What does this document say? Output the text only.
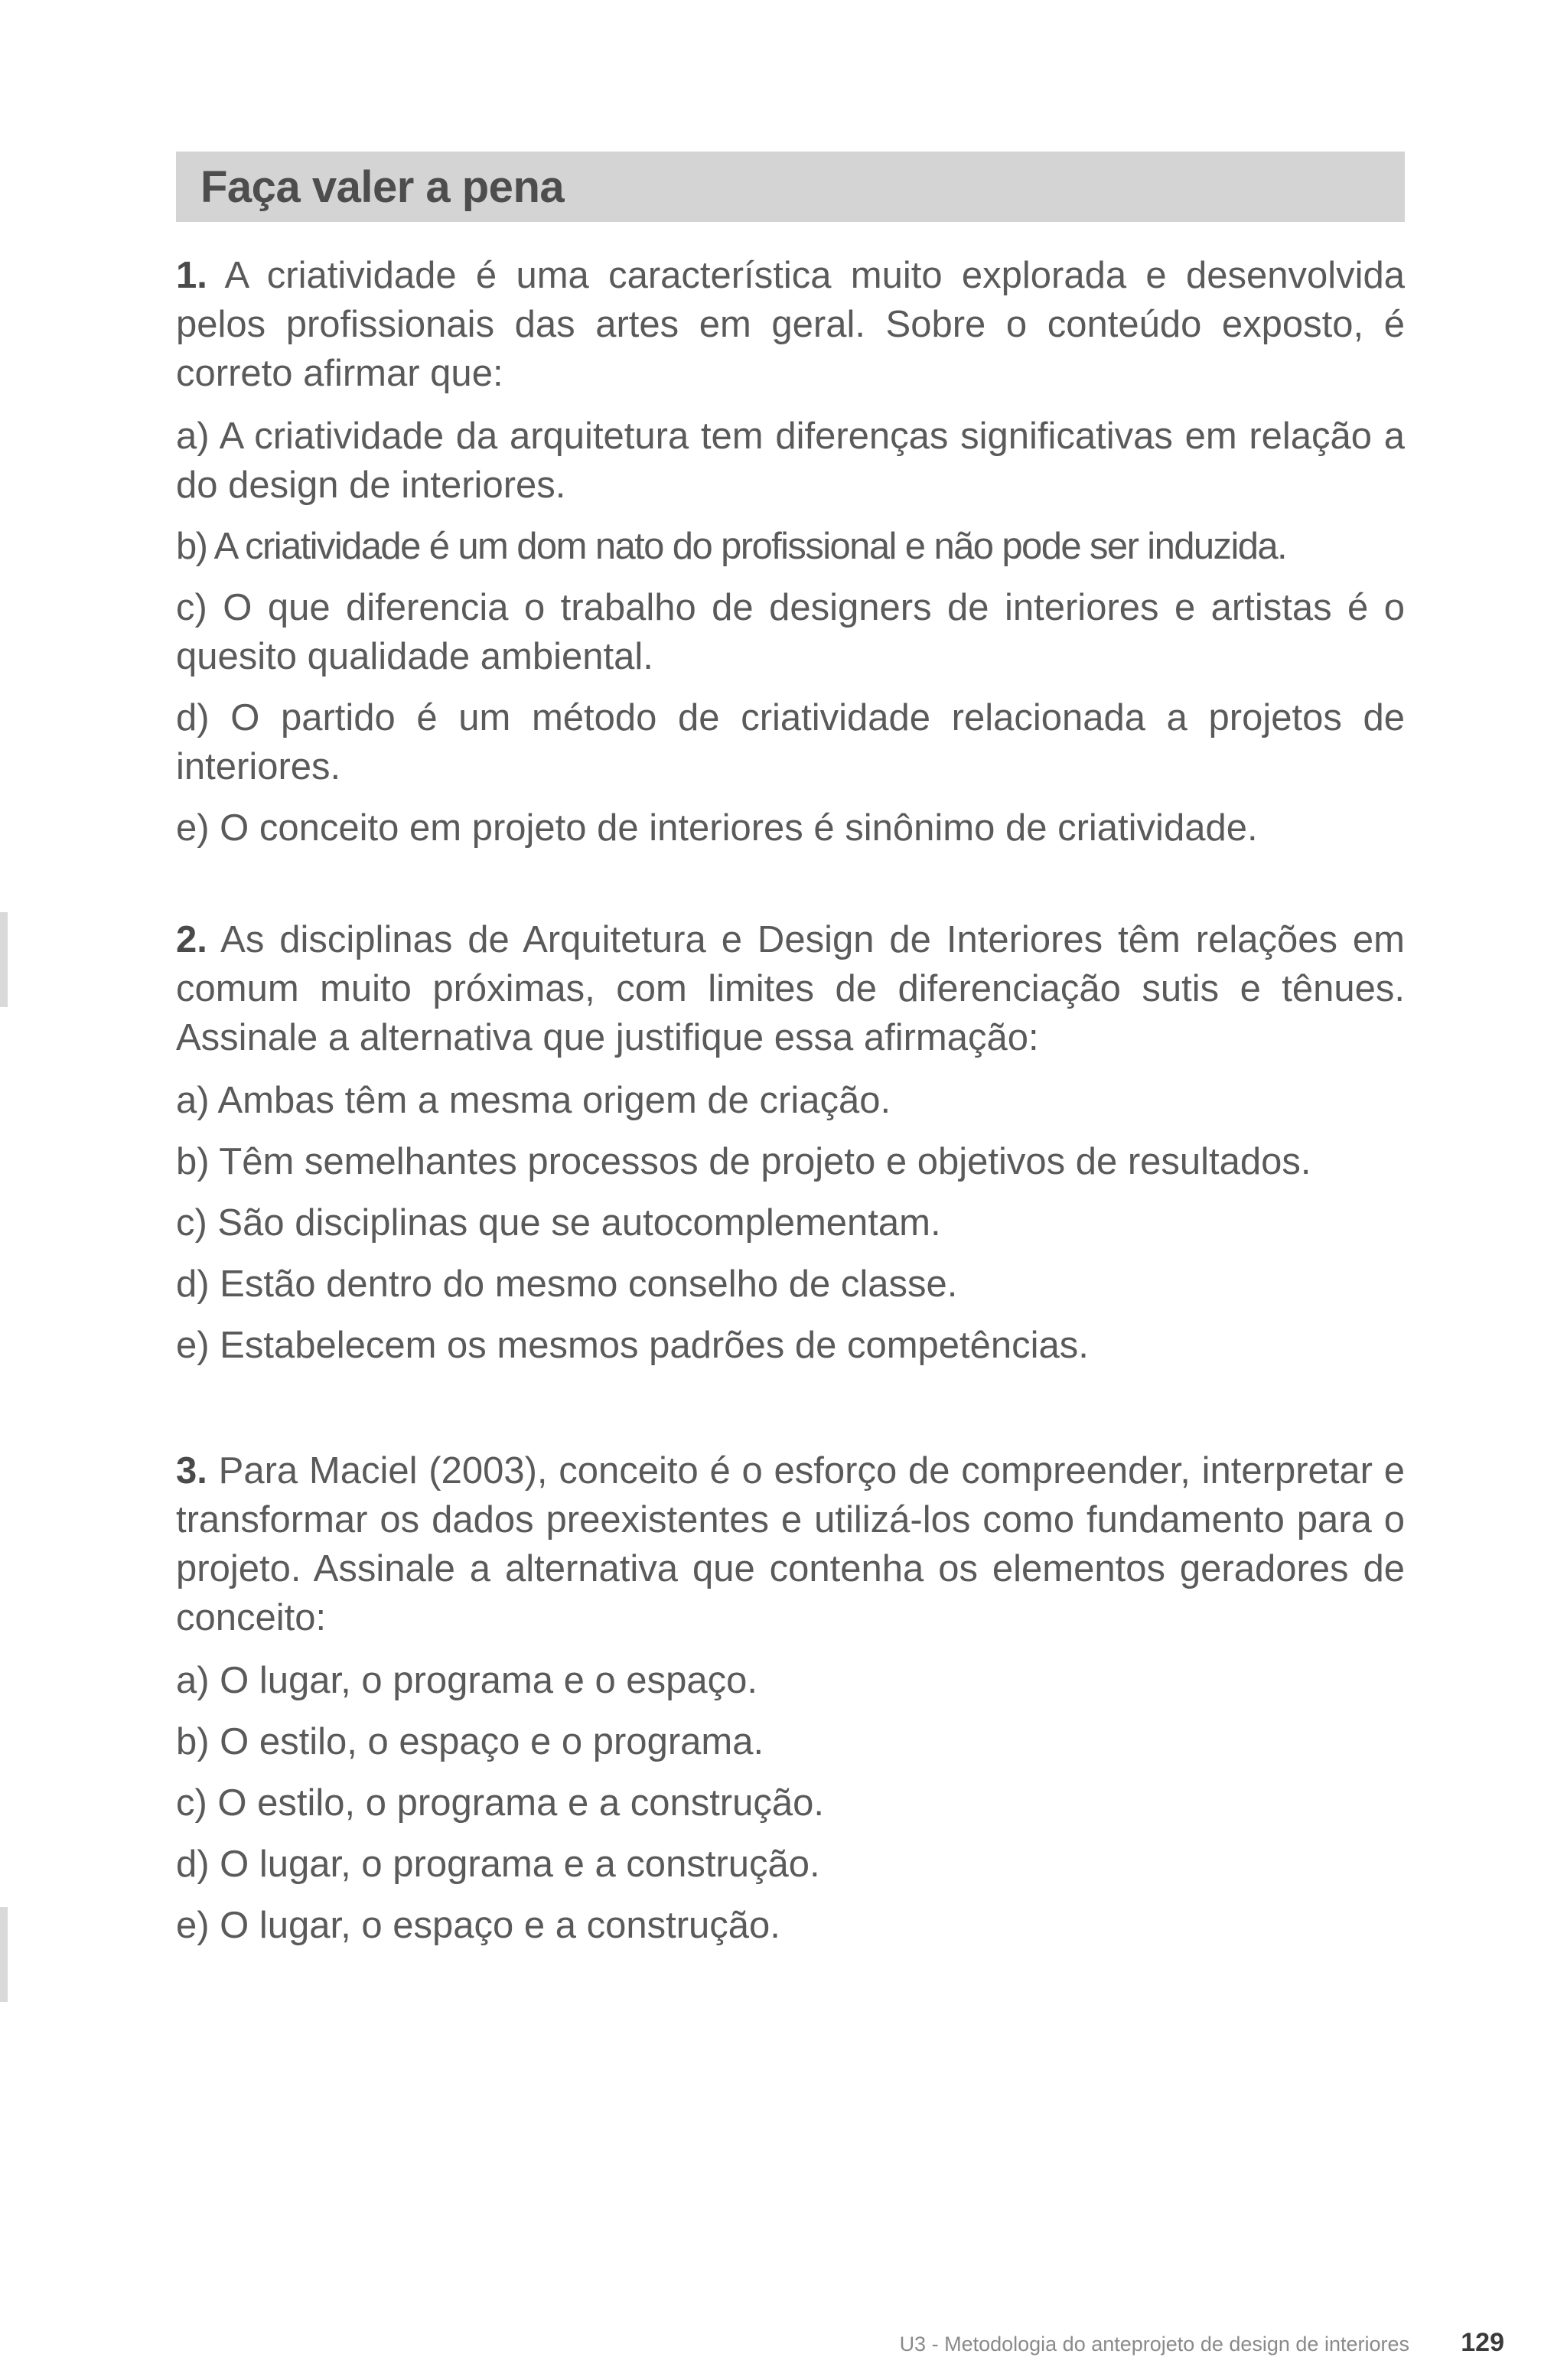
Faça valer a pena

1. A criatividade é uma característica muito explorada e desenvolvida pelos profissionais das artes em geral. Sobre o conteúdo exposto, é correto afirmar que:

a) A criatividade da arquitetura tem diferenças significativas em relação a do design de interiores.

b) A criatividade é um dom nato do profissional e não pode ser induzida.

c) O que diferencia o trabalho de designers de interiores e artistas é o quesito qualidade ambiental.

d) O partido é um método de criatividade relacionada a projetos de interiores.

e) O conceito em projeto de interiores é sinônimo de criatividade.

2. As disciplinas de Arquitetura e Design de Interiores têm relações em comum muito próximas, com limites de diferenciação sutis e tênues. Assinale a alternativa que justifique essa afirmação:

a) Ambas têm a mesma origem de criação.

b) Têm semelhantes processos de projeto e objetivos de resultados.

c) São disciplinas que se autocomplementam.

d) Estão dentro do mesmo conselho de classe.

e) Estabelecem os mesmos padrões de competências.

3. Para Maciel (2003), conceito é o esforço de compreender, interpretar e transformar os dados preexistentes e utilizá-los como fundamento para o projeto. Assinale a alternativa que contenha os elementos geradores de conceito:

a) O lugar, o programa e o espaço.

b) O estilo, o espaço e o programa.

c) O estilo, o programa e a construção.

d) O lugar, o programa e a construção.

e) O lugar, o espaço e a construção.

U3 - Metodologia do anteprojeto de design de interiores 129
